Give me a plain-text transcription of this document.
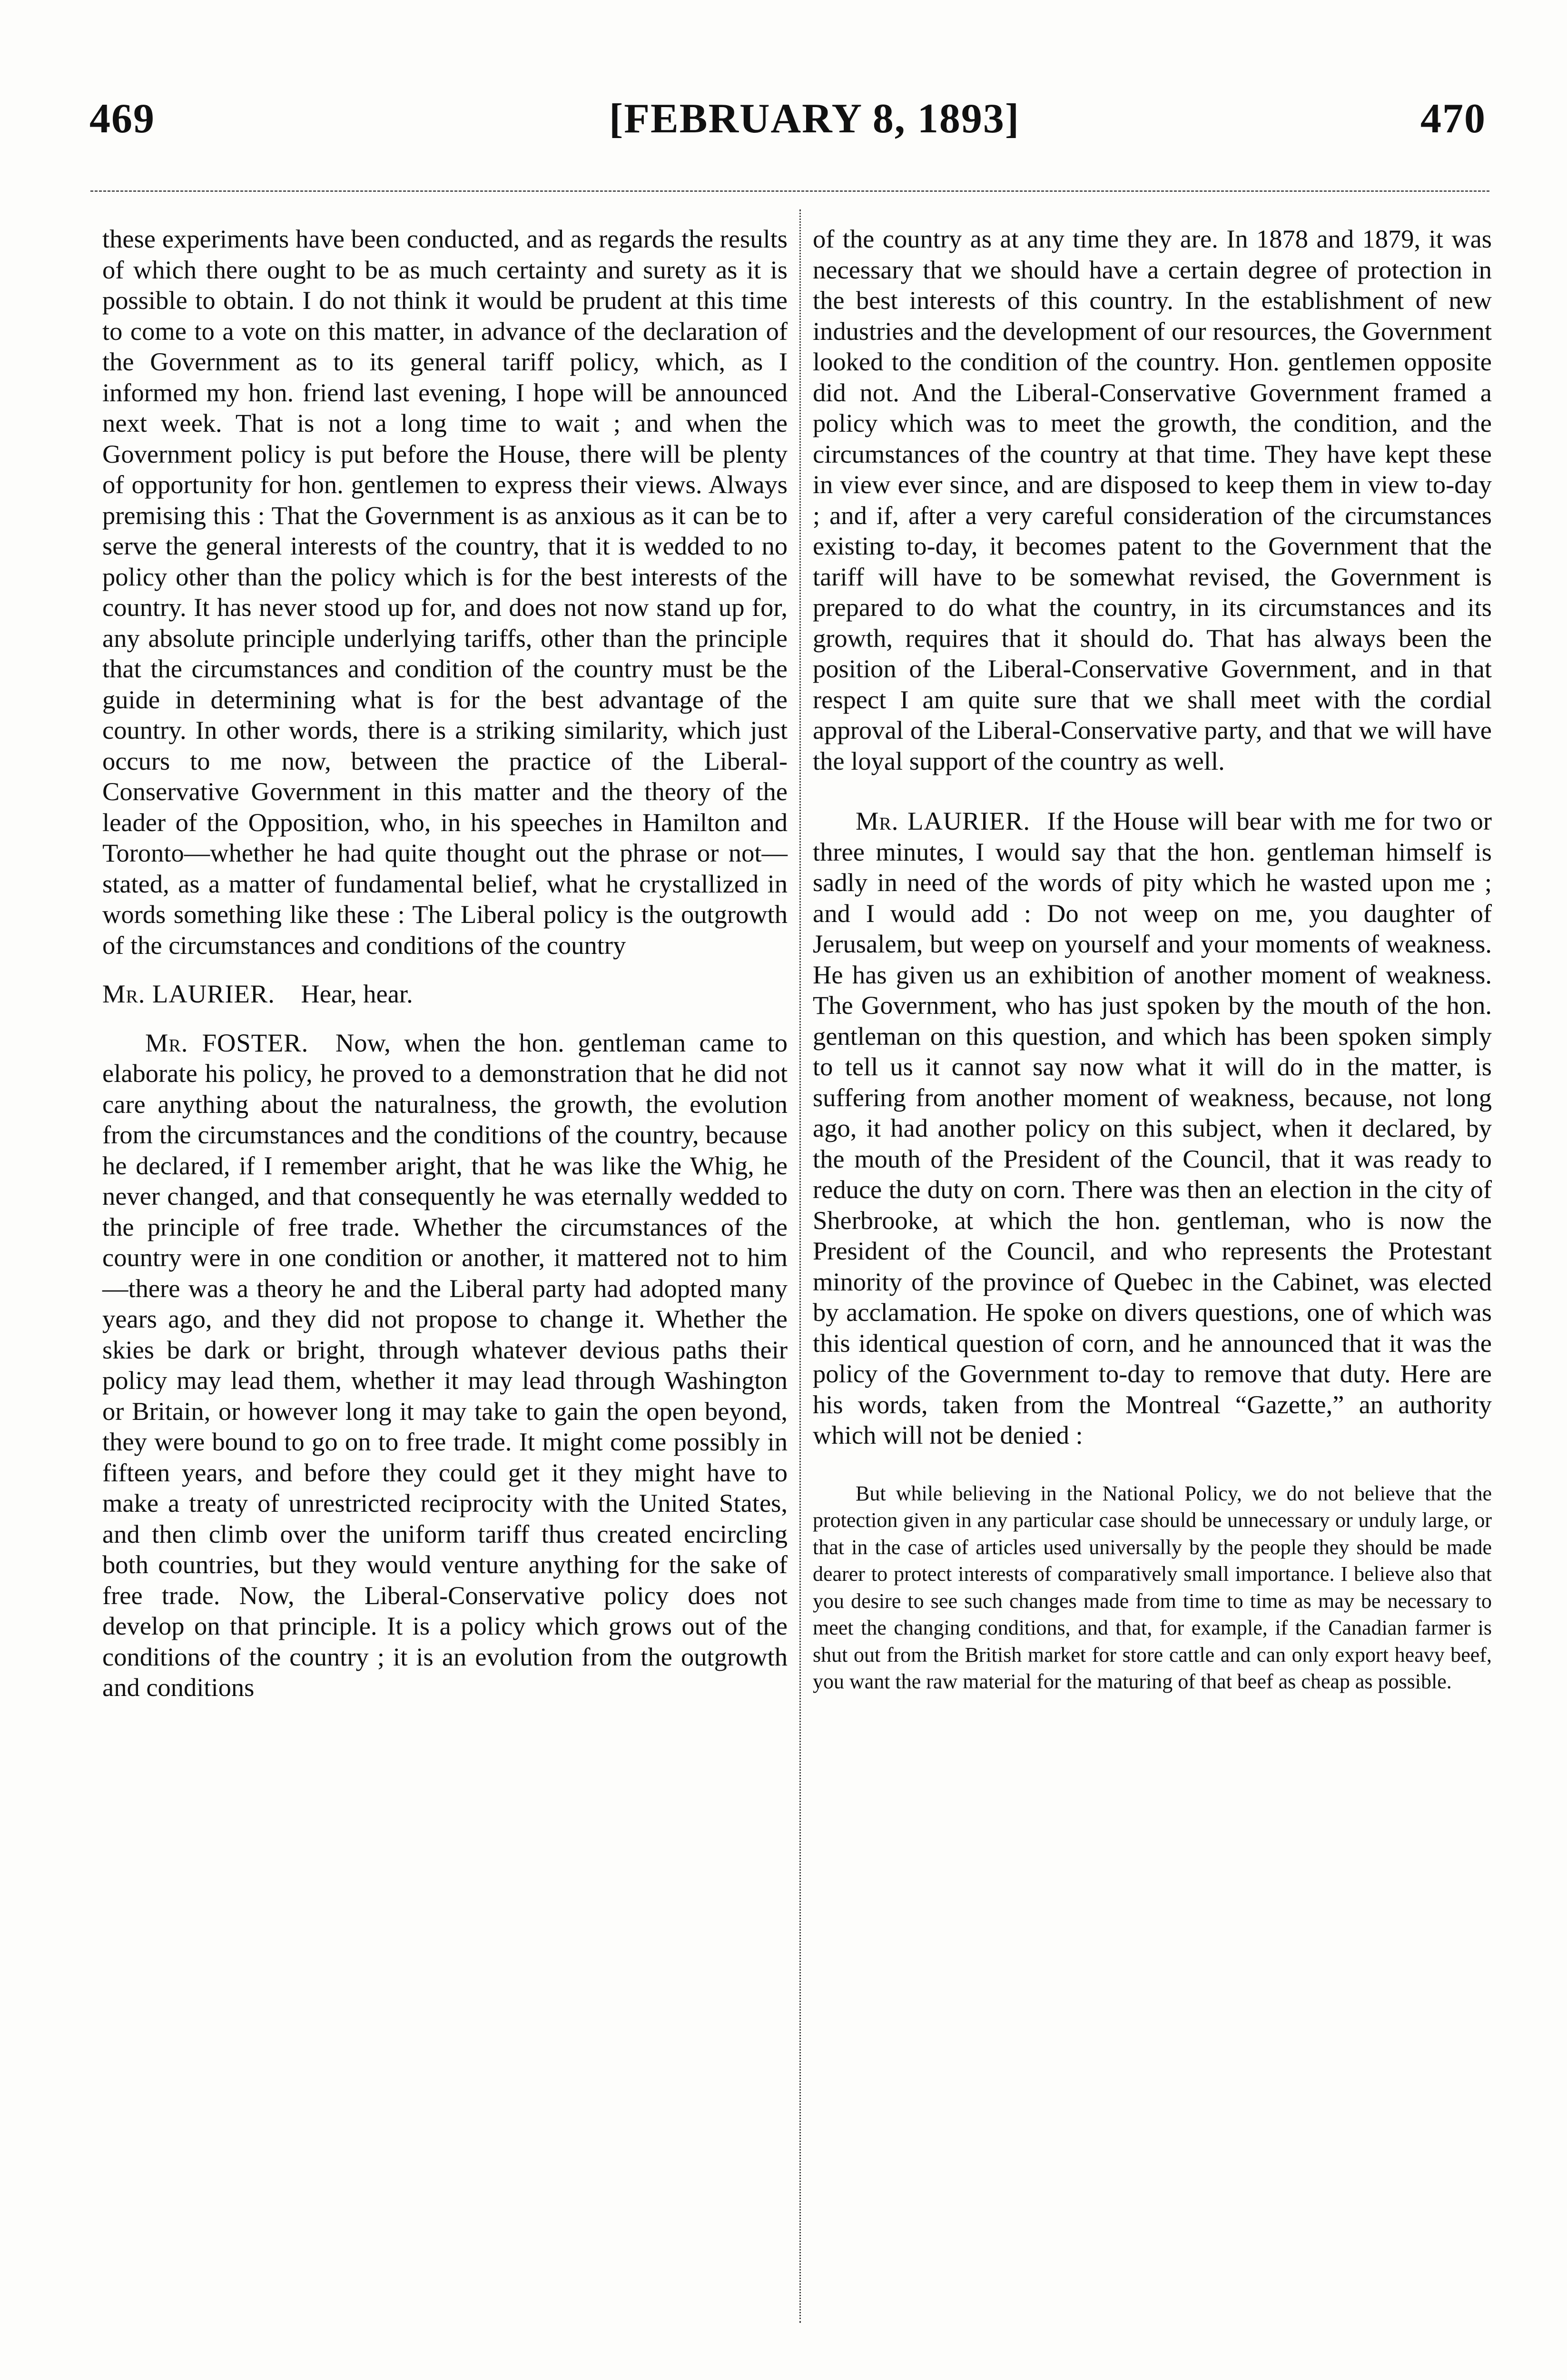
469	[FEBRUARY 8, 1893]	470

these experiments have been conducted, and as regards the results of which there ought to be as much certainty and surety as it is possible to obtain. I do not think it would be prudent at this time to come to a vote on this matter, in advance of the declaration of the Government as to its general tariff policy, which, as I informed my hon. friend last evening, I hope will be announced next week. That is not a long time to wait ; and when the Government policy is put before the House, there will be plenty of opportunity for hon. gentlemen to express their views. Always premising this : That the Government is as anxious as it can be to serve the general interests of the country, that it is wedded to no policy other than the policy which is for the best interests of the country. It has never stood up for, and does not now stand up for, any absolute principle underlying tariffs, other than the principle that the circumstances and condition of the country must be the guide in determining what is for the best advantage of the country. In other words, there is a striking similarity, which just occurs to me now, between the practice of the Liberal-Conservative Government in this matter and the theory of the leader of the Opposition, who, in his speeches in Hamilton and Toronto—whether he had quite thought out the phrase or not—stated, as a matter of fundamental belief, what he crystallized in words something like these : The Liberal policy is the outgrowth of the circumstances and conditions of the country

Mr. LAURIER. Hear, hear.

Mr. FOSTER. Now, when the hon. gentleman came to elaborate his policy, he proved to a demonstration that he did not care anything about the naturalness, the growth, the evolution from the circumstances and the conditions of the country, because he declared, if I remember aright, that he was like the Whig, he never changed, and that consequently he was eternally wedded to the principle of free trade. Whether the circumstances of the country were in one condition or another, it mattered not to him—there was a theory he and the Liberal party had adopted many years ago, and they did not propose to change it. Whether the skies be dark or bright, through whatever devious paths their policy may lead them, whether it may lead through Washington or Britain, or however long it may take to gain the open beyond, they were bound to go on to free trade. It might come possibly in fifteen years, and before they could get it they might have to make a treaty of unrestricted reciprocity with the United States, and then climb over the uniform tariff thus created encircling both countries, but they would venture anything for the sake of free trade. Now, the Liberal-Conservative policy does not develop on that principle. It is a policy which grows out of the conditions of the country ; it is an evolution from the outgrowth and conditions

of the country as at any time they are. In 1878 and 1879, it was necessary that we should have a certain degree of protection in the best interests of this country. In the establishment of new industries and the development of our resources, the Government looked to the condition of the country. Hon. gentlemen opposite did not. And the Liberal-Conservative Government framed a policy which was to meet the growth, the condition, and the circumstances of the country at that time. They have kept these in view ever since, and are disposed to keep them in view to-day ; and if, after a very careful consideration of the circumstances existing to-day, it becomes patent to the Government that the tariff will have to be somewhat revised, the Government is prepared to do what the country, in its circumstances and its growth, requires that it should do. That has always been the position of the Liberal-Conservative Government, and in that respect I am quite sure that we shall meet with the cordial approval of the Liberal-Conservative party, and that we will have the loyal support of the country as well.

Mr. LAURIER. If the House will bear with me for two or three minutes, I would say that the hon. gentleman himself is sadly in need of the words of pity which he wasted upon me ; and I would add : Do not weep on me, you daughter of Jerusalem, but weep on yourself and your moments of weakness. He has given us an exhibition of another moment of weakness. The Government, who has just spoken by the mouth of the hon. gentleman on this question, and which has been spoken simply to tell us it cannot say now what it will do in the matter, is suffering from another moment of weakness, because, not long ago, it had another policy on this subject, when it declared, by the mouth of the President of the Council, that it was ready to reduce the duty on corn. There was then an election in the city of Sherbrooke, at which the hon. gentleman, who is now the President of the Council, and who represents the Protestant minority of the province of Quebec in the Cabinet, was elected by acclamation. He spoke on divers questions, one of which was this identical question of corn, and he announced that it was the policy of the Government to-day to remove that duty. Here are his words, taken from the Montreal “Gazette,” an authority which will not be denied :

But while believing in the National Policy, we do not believe that the protection given in any particular case should be unnecessary or unduly large, or that in the case of articles used universally by the people they should be made dearer to protect interests of comparatively small importance. I believe also that you desire to see such changes made from time to time as may be necessary to meet the changing conditions, and that, for example, if the Canadian farmer is shut out from the British market for store cattle and can only export heavy beef, you want the raw material for the maturing of that beef as cheap as possible.
